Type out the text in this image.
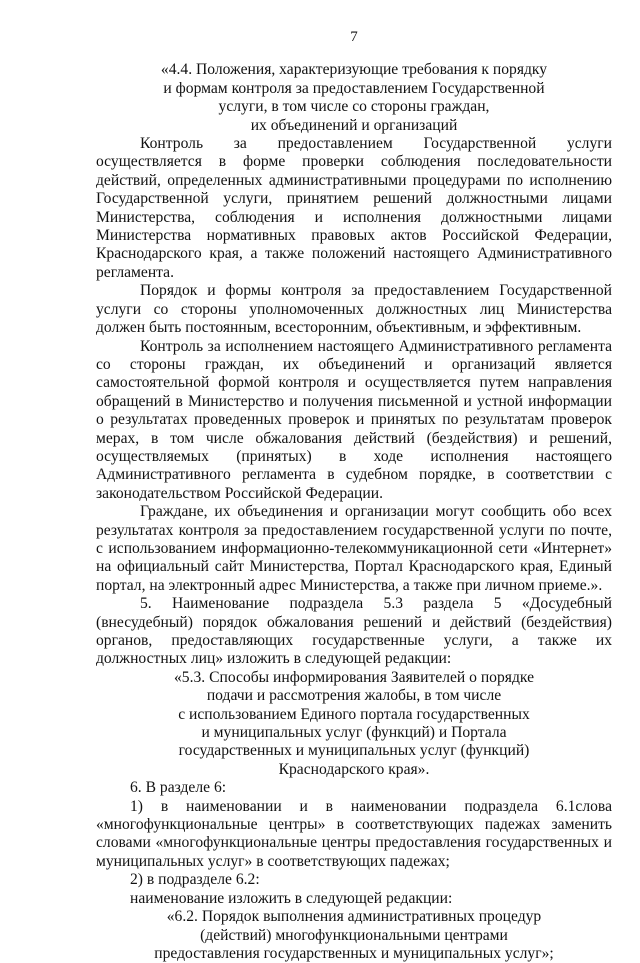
7

«4.4. Положения, характеризующие требования к порядку

и формам контроля за предоставлением Государственной

услуги, в том числе со стороны граждан,

их объединений и организаций

Контроль за предоставлением Государственной услуги осуществляется в форме проверки соблюдения последовательности действий, определенных административными процедурами по исполнению Государственной услуги, принятием решений должностными лицами Министерства, соблюдения и исполнения должностными лицами Министерства нормативных правовых актов Российской Федерации, Краснодарского края, а также положений настоящего Административного регламента.

Порядок и формы контроля за предоставлением Государственной услуги со стороны уполномоченных должностных лиц Министерства должен быть постоянным, всесторонним, объективным, и эффективным.

Контроль за исполнением настоящего Административного регламента со стороны граждан, их объединений и организаций является самостоятельной формой контроля и осуществляется путем направления обращений в Министерство и получения письменной и устной информации о результатах проведенных проверок и принятых по результатам проверок мерах, в том числе обжалования действий (бездействия) и решений, осуществляемых (принятых) в ходе исполнения настоящего Административного регламента в судебном порядке, в соответствии с законодательством Российской Федерации.

Граждане, их объединения и организации могут сообщить обо всех результатах контроля за предоставлением государственной услуги по почте, с использованием информационно-телекоммуникационной сети «Интернет» на официальный сайт Министерства, Портал Краснодарского края, Единый портал, на электронный адрес Министерства, а также при личном приеме.».

5. Наименование подраздела 5.3 раздела 5 «Досудебный (внесудебный) порядок обжалования решений и действий (бездействия) органов, предоставляющих государственные услуги, а также их должностных лиц» изложить в следующей редакции:

«5.3. Способы информирования Заявителей о порядке

подачи и рассмотрения жалобы, в том числе

с использованием Единого портала государственных

и муниципальных услуг (функций) и Портала

государственных и муниципальных услуг (функций)

Краснодарского края».

6. В разделе 6:

1) в наименовании и в наименовании подраздела 6.1слова «многофункциональные центры» в соответствующих падежах заменить словами «многофункциональные центры предоставления государственных и муниципальных услуг» в соответствующих падежах;

2) в подразделе 6.2:

наименование изложить в следующей редакции:

«6.2. Порядок выполнения административных процедур

(действий) многофункциональными центрами

предоставления государственных и муниципальных услуг»;
